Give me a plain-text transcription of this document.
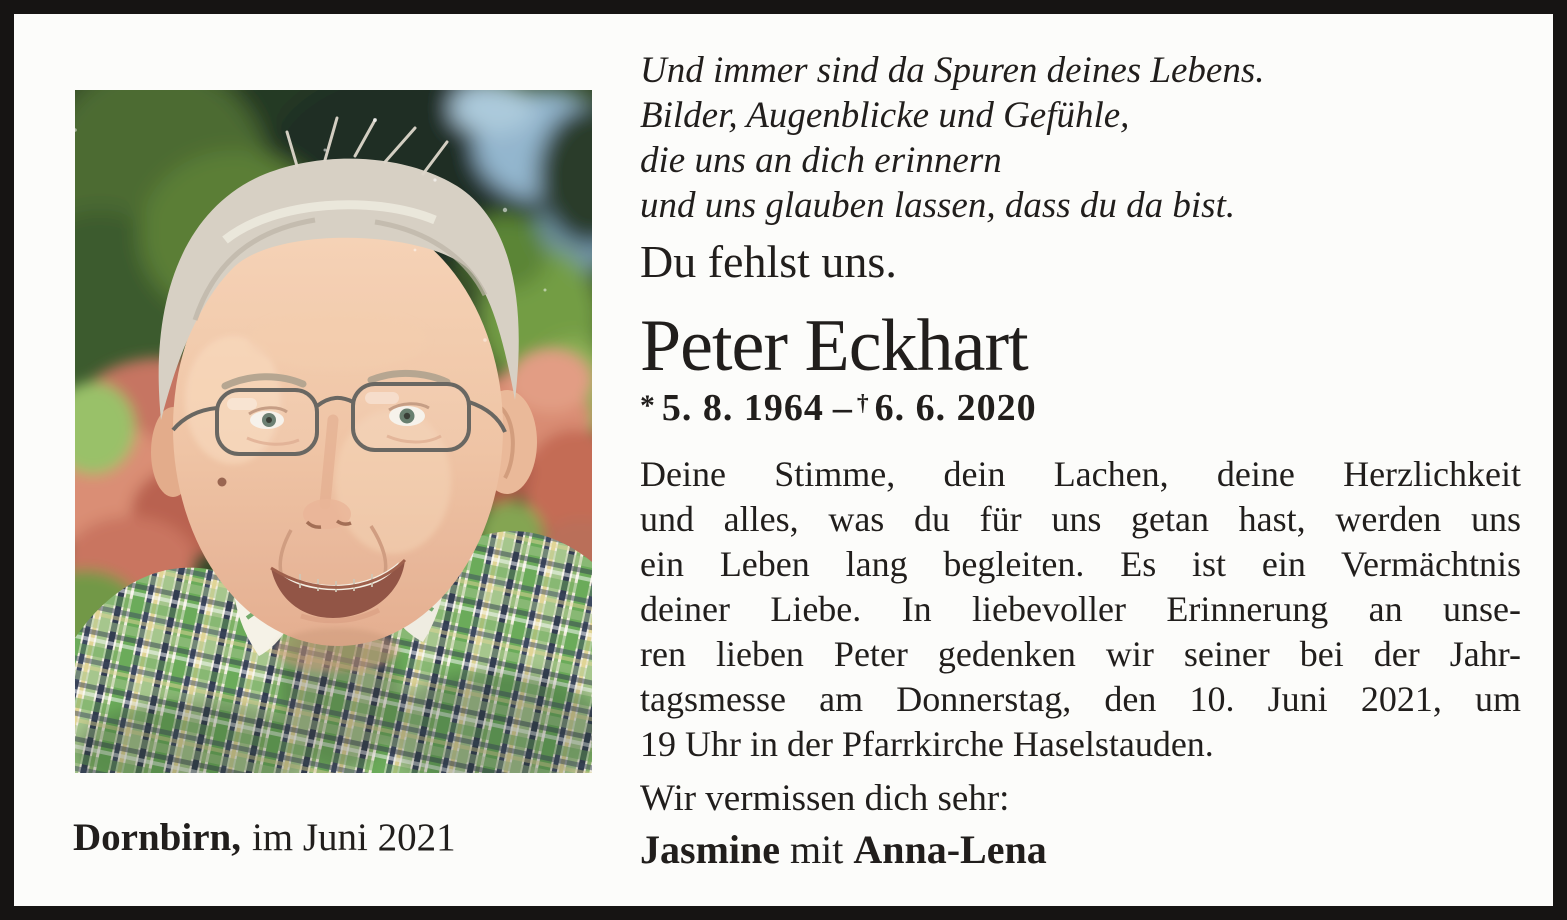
Dornbirn, im Juni 2021
Und immer sind da Spuren deines Lebens.
Bilder, Augenblicke und Gefühle,
die uns an dich erinnern
und uns glauben lassen, dass du da bist.
Du fehlst uns.
Peter Eckhart
* 5. 8. 1964 – † 6. 6. 2020
Deine Stimme, dein Lachen, deine Herzlichkeit
und alles, was du für uns getan hast, werden uns
ein Leben lang begleiten. Es ist ein Vermächtnis
deiner Liebe. In liebevoller Erinnerung an unse-
ren lieben Peter gedenken wir seiner bei der Jahr-
tagsmesse am Donnerstag, den 10. Juni 2021, um
19 Uhr in der Pfarrkirche Haselstauden.
Wir vermissen dich sehr:
Jasmine mit Anna-Lena
